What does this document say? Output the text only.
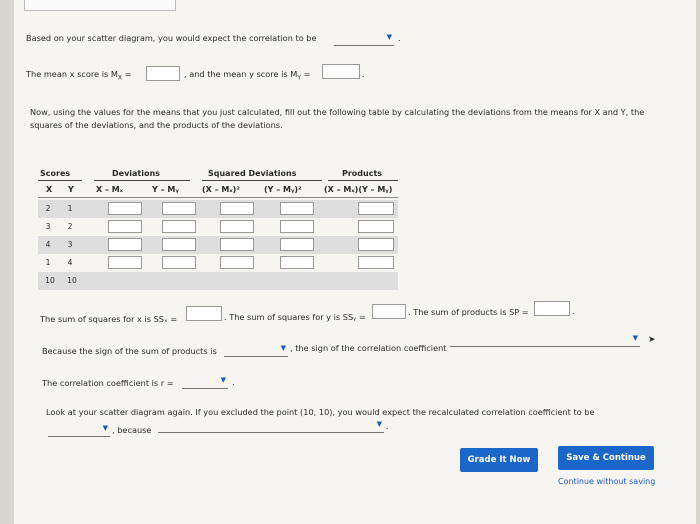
Based on your scatter diagram, you would expect the correlation to be	▼ .
The mean x score is $M_X$ =	, and the mean y score is $M_Y$ =	.
Now, using the values for the means that you just calculated, fill out the following table by calculating the deviations from the means for X and Y, the
squares of the deviations, and the products of the deviations.
Scores	Deviations	Squared Deviations	Products
X Y	X – Mₓ	Y – Mᵧ	(X – Mₓ)²	(Y – Mᵧ)²	(X – Mₓ)(Y – Mᵧ)
2	1
3	2
4	3
1	4
10	10
The sum of squares for x is SSₓ =	. The sum of squares for y is SSᵧ =	. The sum of products is SP =	.
Because the sign of the sum of products is	▼ , the sign of the correlation coefficient
▼ ➤
The correlation coefficient is r =	▼ .
Look at your scatter diagram again. If you excluded the point (10, 10), you would expect the recalculated correlation coefficient to be
▼ , because
▼ .
Grade It Now	Save & Continue
Continue without saving
